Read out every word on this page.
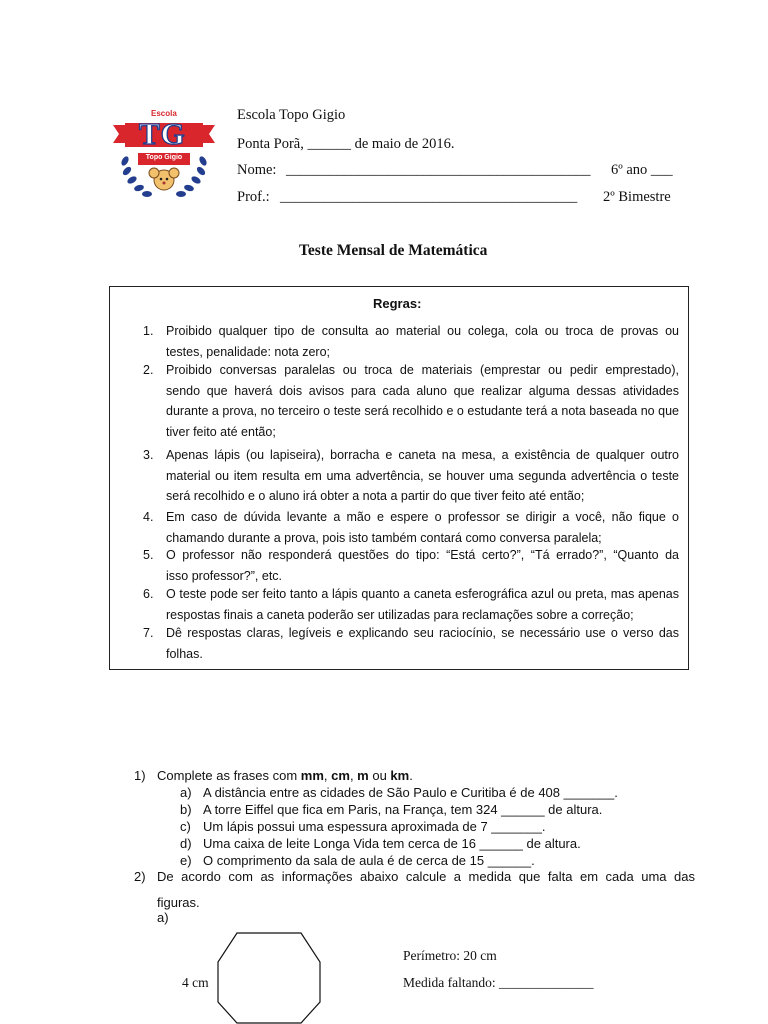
Escola
TG
Topo Gigio
Escola Topo Gigio
Ponta Porã, ______ de maio de 2016.
Nome: __________________________________________ 6º ano ___
Prof.: _________________________________________ 2º Bimestre
Teste Mensal de Matemática
Regras:
1. Proibido qualquer tipo de consulta ao material ou colega, cola ou troca de provas ou
testes, penalidade: nota zero;
2. Proibido conversas paralelas ou troca de materiais (emprestar ou pedir emprestado),
sendo que haverá dois avisos para cada aluno que realizar alguma dessas atividades
durante a prova, no terceiro o teste será recolhido e o estudante terá a nota baseada no que
tiver feito até então;
3. Apenas lápis (ou lapiseira), borracha e caneta na mesa, a existência de qualquer outro
material ou item resulta em uma advertência, se houver uma segunda advertência o teste
será recolhido e o aluno irá obter a nota a partir do que tiver feito até então;
4. Em caso de dúvida levante a mão e espere o professor se dirigir a você, não fique o
chamando durante a prova, pois isto também contará como conversa paralela;
5. O professor não responderá questões do tipo: “Está certo?”, “Tá errado?”, “Quanto da
isso professor?”, etc.
6. O teste pode ser feito tanto a lápis quanto a caneta esferográfica azul ou preta, mas apenas
respostas finais a caneta poderão ser utilizadas para reclamações sobre a correção;
7. Dê respostas claras, legíveis e explicando seu raciocínio, se necessário use o verso das
folhas.
1) Complete as frases com mm, cm, m ou km.
a) A distância entre as cidades de São Paulo e Curitiba é de 408 _______.
b) A torre Eiffel que fica em Paris, na França, tem 324 ______ de altura.
c) Um lápis possui uma espessura aproximada de 7 _______.
d) Uma caixa de leite Longa Vida tem cerca de 16 ______ de altura.
e) O comprimento da sala de aula é de cerca de 15 ______.
2) De acordo com as informações abaixo calcule a medida que falta em cada uma das
figuras.
a)
4 cm
Perímetro: 20 cm
Medida faltando: ______________
